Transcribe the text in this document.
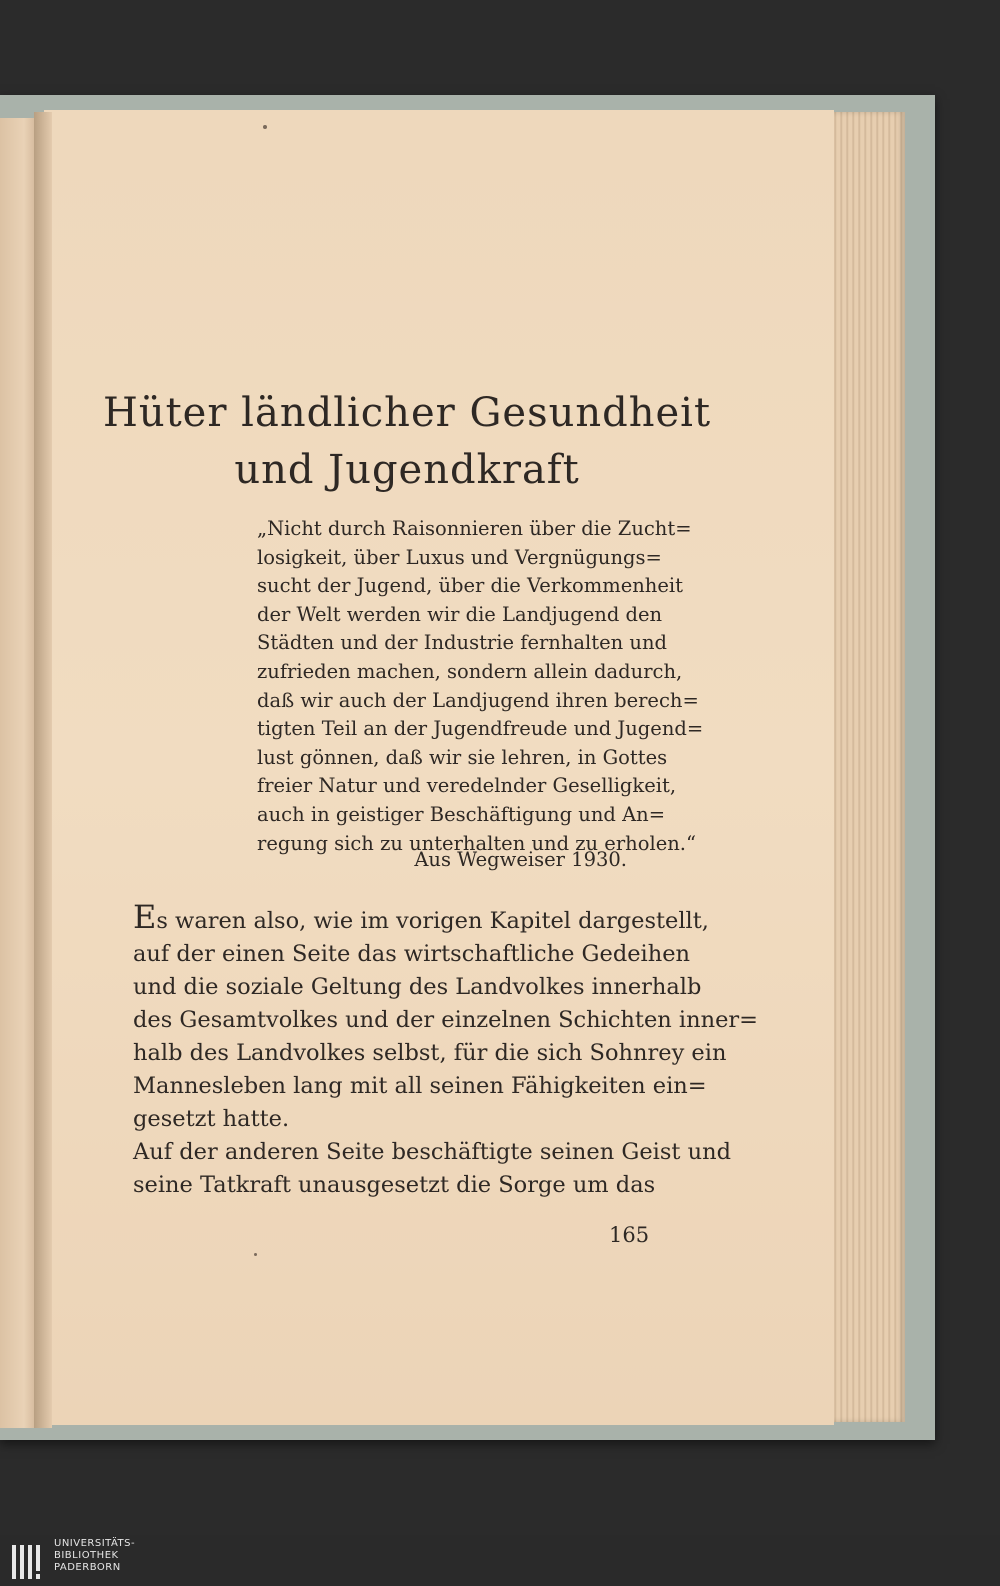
Hüter ländlicher Gesundheit
und Jugendkraft
„Nicht durch Raisonnieren über die Zucht=
losigkeit, über Luxus und Vergnügungs=
sucht der Jugend, über die Verkommenheit
der Welt werden wir die Landjugend den
Städten und der Industrie fernhalten und
zufrieden machen, sondern allein dadurch,
daß wir auch der Landjugend ihren berech=
tigten Teil an der Jugendfreude und Jugend=
lust gönnen, daß wir sie lehren, in Gottes
freier Natur und veredelnder Geselligkeit,
auch in geistiger Beschäftigung und An=
regung sich zu unterhalten und zu erholen.“
Aus Wegweiser 1930.
Es waren also, wie im vorigen Kapitel dargestellt,
auf der einen Seite das wirtschaftliche Gedeihen
und die soziale Geltung des Landvolkes innerhalb
des Gesamtvolkes und der einzelnen Schichten inner=
halb des Landvolkes selbst, für die sich Sohnrey ein
Mannesleben lang mit all seinen Fähigkeiten ein=
gesetzt hatte.
Auf der anderen Seite beschäftigte seinen Geist und
seine Tatkraft unausgesetzt die Sorge um das
165
UNIVERSITÄTS-
BIBLIOTHEK
PADERBORN
